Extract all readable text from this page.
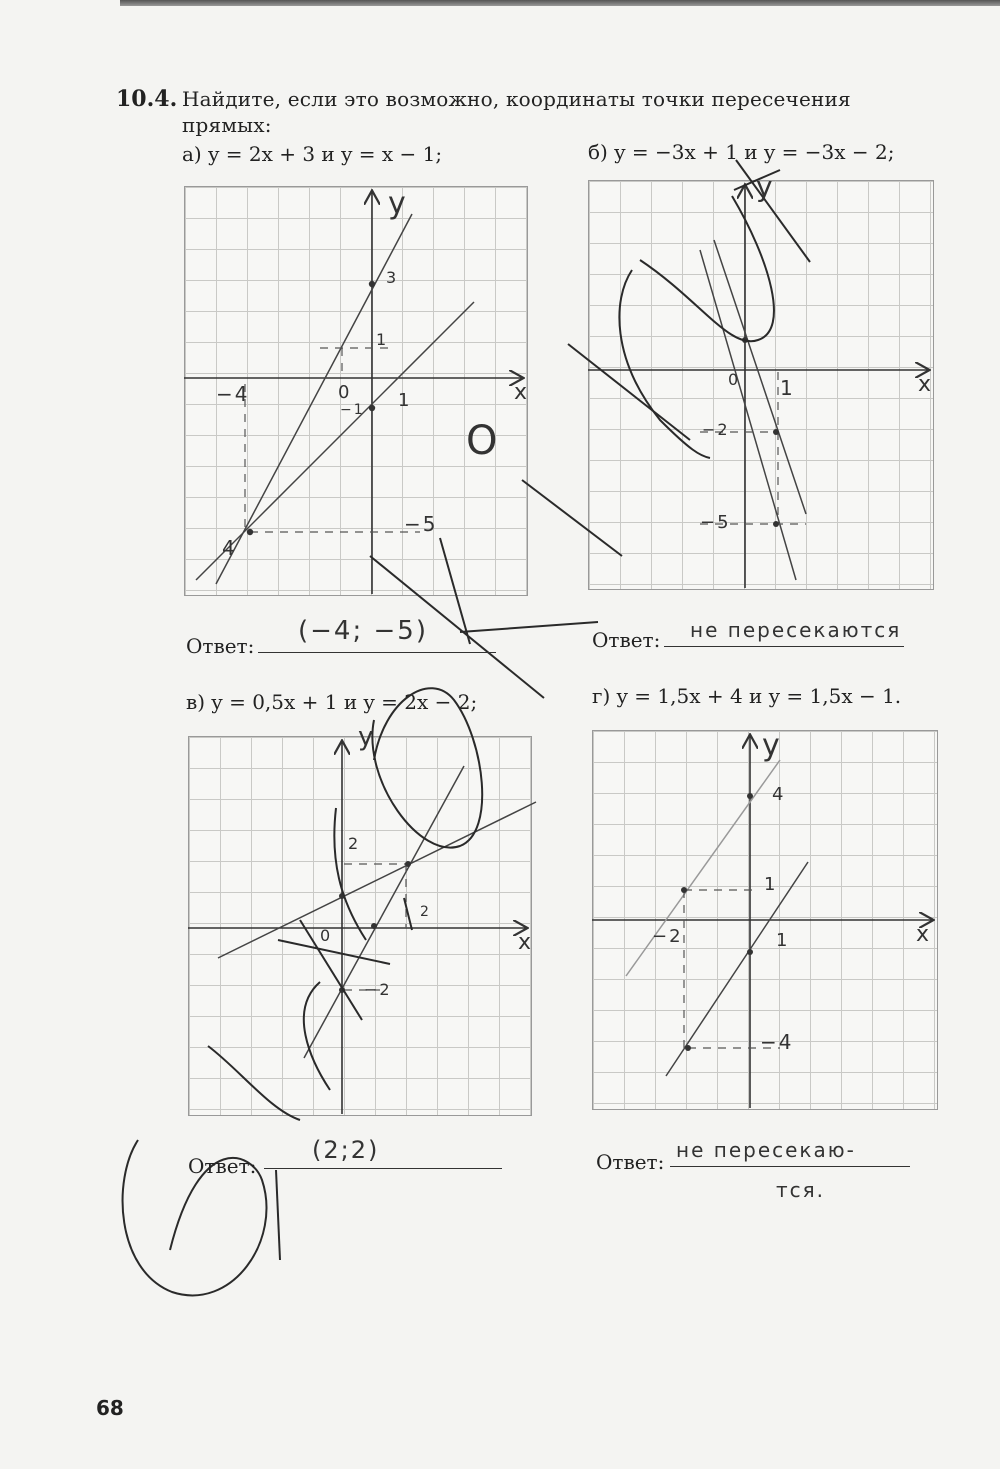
10.4. Найдите, если это возможно, координаты точки пересечения прямых:
а) y = 2x + 3 и y = x − 1;	б) y = −3x + 1 и y = −3x − 2;
в) y = 0,5x + 1 и y = 2x − 2;	г) y = 1,5x + 4 и y = 1,5x − 1.
y
x
3
1
1
−4	0
−1
−5
4
y
x
0 1
−2
−5
y
x
0
2
2
−2
y
x
4
1
1
−2
−4
О
Ответ: (−4; −5)	Ответ: не пересекаются
Ответ:
(2;2)	Ответ: не пересекаю-
тся.
68
